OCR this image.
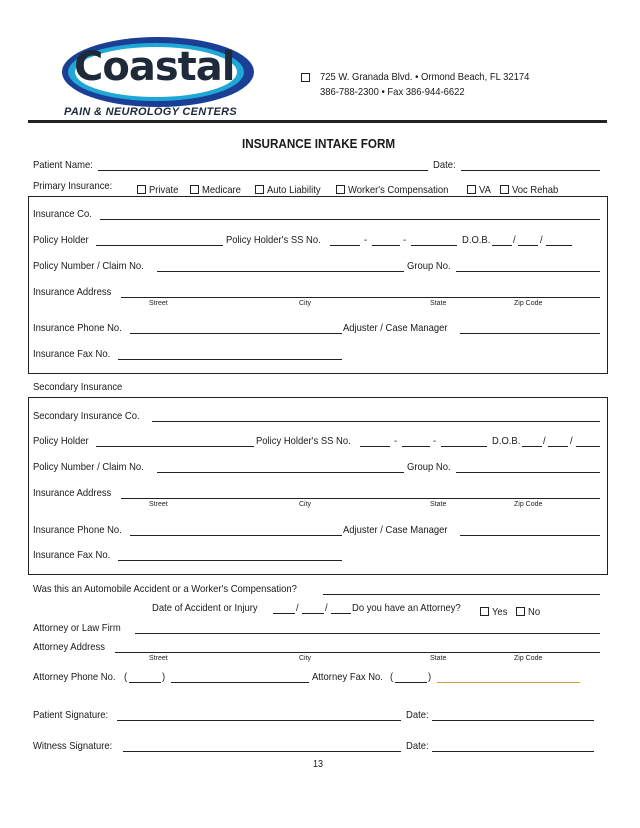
Coastal
PAIN & NEUROLOGY CENTERS
725 W. Granada Blvd. • Ormond Beach, FL 32174
386-788-2300 • Fax 386-944-6622
INSURANCE INTAKE FORM
Patient Name:	Date:
Primary Insurance:	Private	Medicare	Auto Liability	Worker's Compensation	VA	Voc Rehab
Insurance Co.
Policy Holder	Policy Holder's SS No.	-	-	D.O.B. / /
Policy Number / Claim No.	Group No.
Insurance Address
Street	City	State	Zip Code
Insurance Phone No.	Adjuster / Case Manager
Insurance Fax No.
Secondary Insurance
Secondary Insurance Co.
Policy Holder	Policy Holder's SS No.	-	-	D.O.B. / /
Policy Number / Claim No.	Group No.
Insurance Address
Street	City	State	Zip Code
Insurance Phone No.	Adjuster / Case Manager
Insurance Fax No.
Was this an Automobile Accident or a Worker's Compensation?
Date of Accident or Injury	/	/ Do you have an Attorney?	Yes	No
Attorney or Law Firm
Attorney Address
Street	City	State	Zip Code
Attorney Phone No. (	)	Attorney Fax No. (	)
Patient Signature:	Date:
Witness Signature:	Date:
13
